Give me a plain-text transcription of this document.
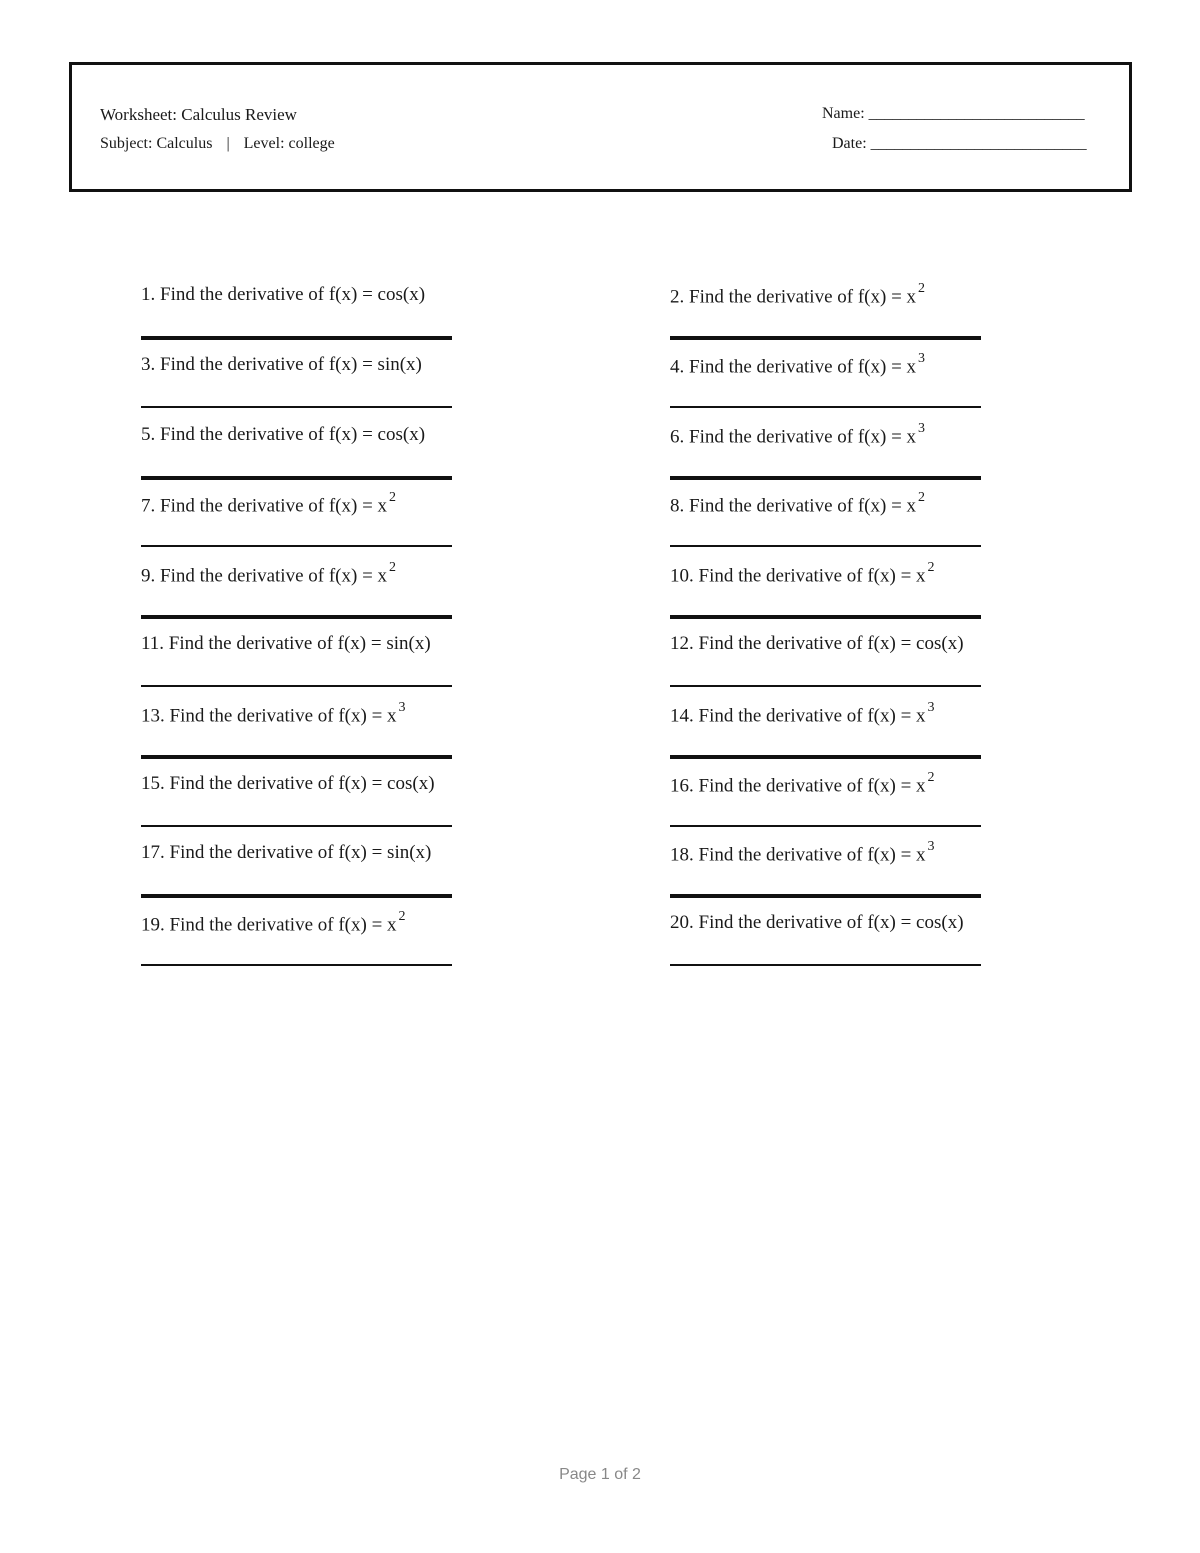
Worksheet: Calculus Review
Subject: Calculus | Level: college
Name: ___________________________
Date: ___________________________
1. Find the derivative of f(x) = cos(x)	2. Find the derivative of f(x) = x $^2$
3. Find the derivative of f(x) = sin(x)	4. Find the derivative of f(x) = x $^3$
5. Find the derivative of f(x) = cos(x)	6. Find the derivative of f(x) = x $^3$
7. Find the derivative of f(x) = x $^2$	8. Find the derivative of f(x) = x $^2$
9. Find the derivative of f(x) = x $^2$	10. Find the derivative of f(x) = x $^2$
11. Find the derivative of f(x) = sin(x)	12. Find the derivative of f(x) = cos(x)
13. Find the derivative of f(x) = x $^3$	14. Find the derivative of f(x) = x $^3$
15. Find the derivative of f(x) = cos(x)	16. Find the derivative of f(x) = x $^2$
17. Find the derivative of f(x) = sin(x)	18. Find the derivative of f(x) = x $^3$
19. Find the derivative of f(x) = x $^2$	20. Find the derivative of f(x) = cos(x)
Page 1 of 2
